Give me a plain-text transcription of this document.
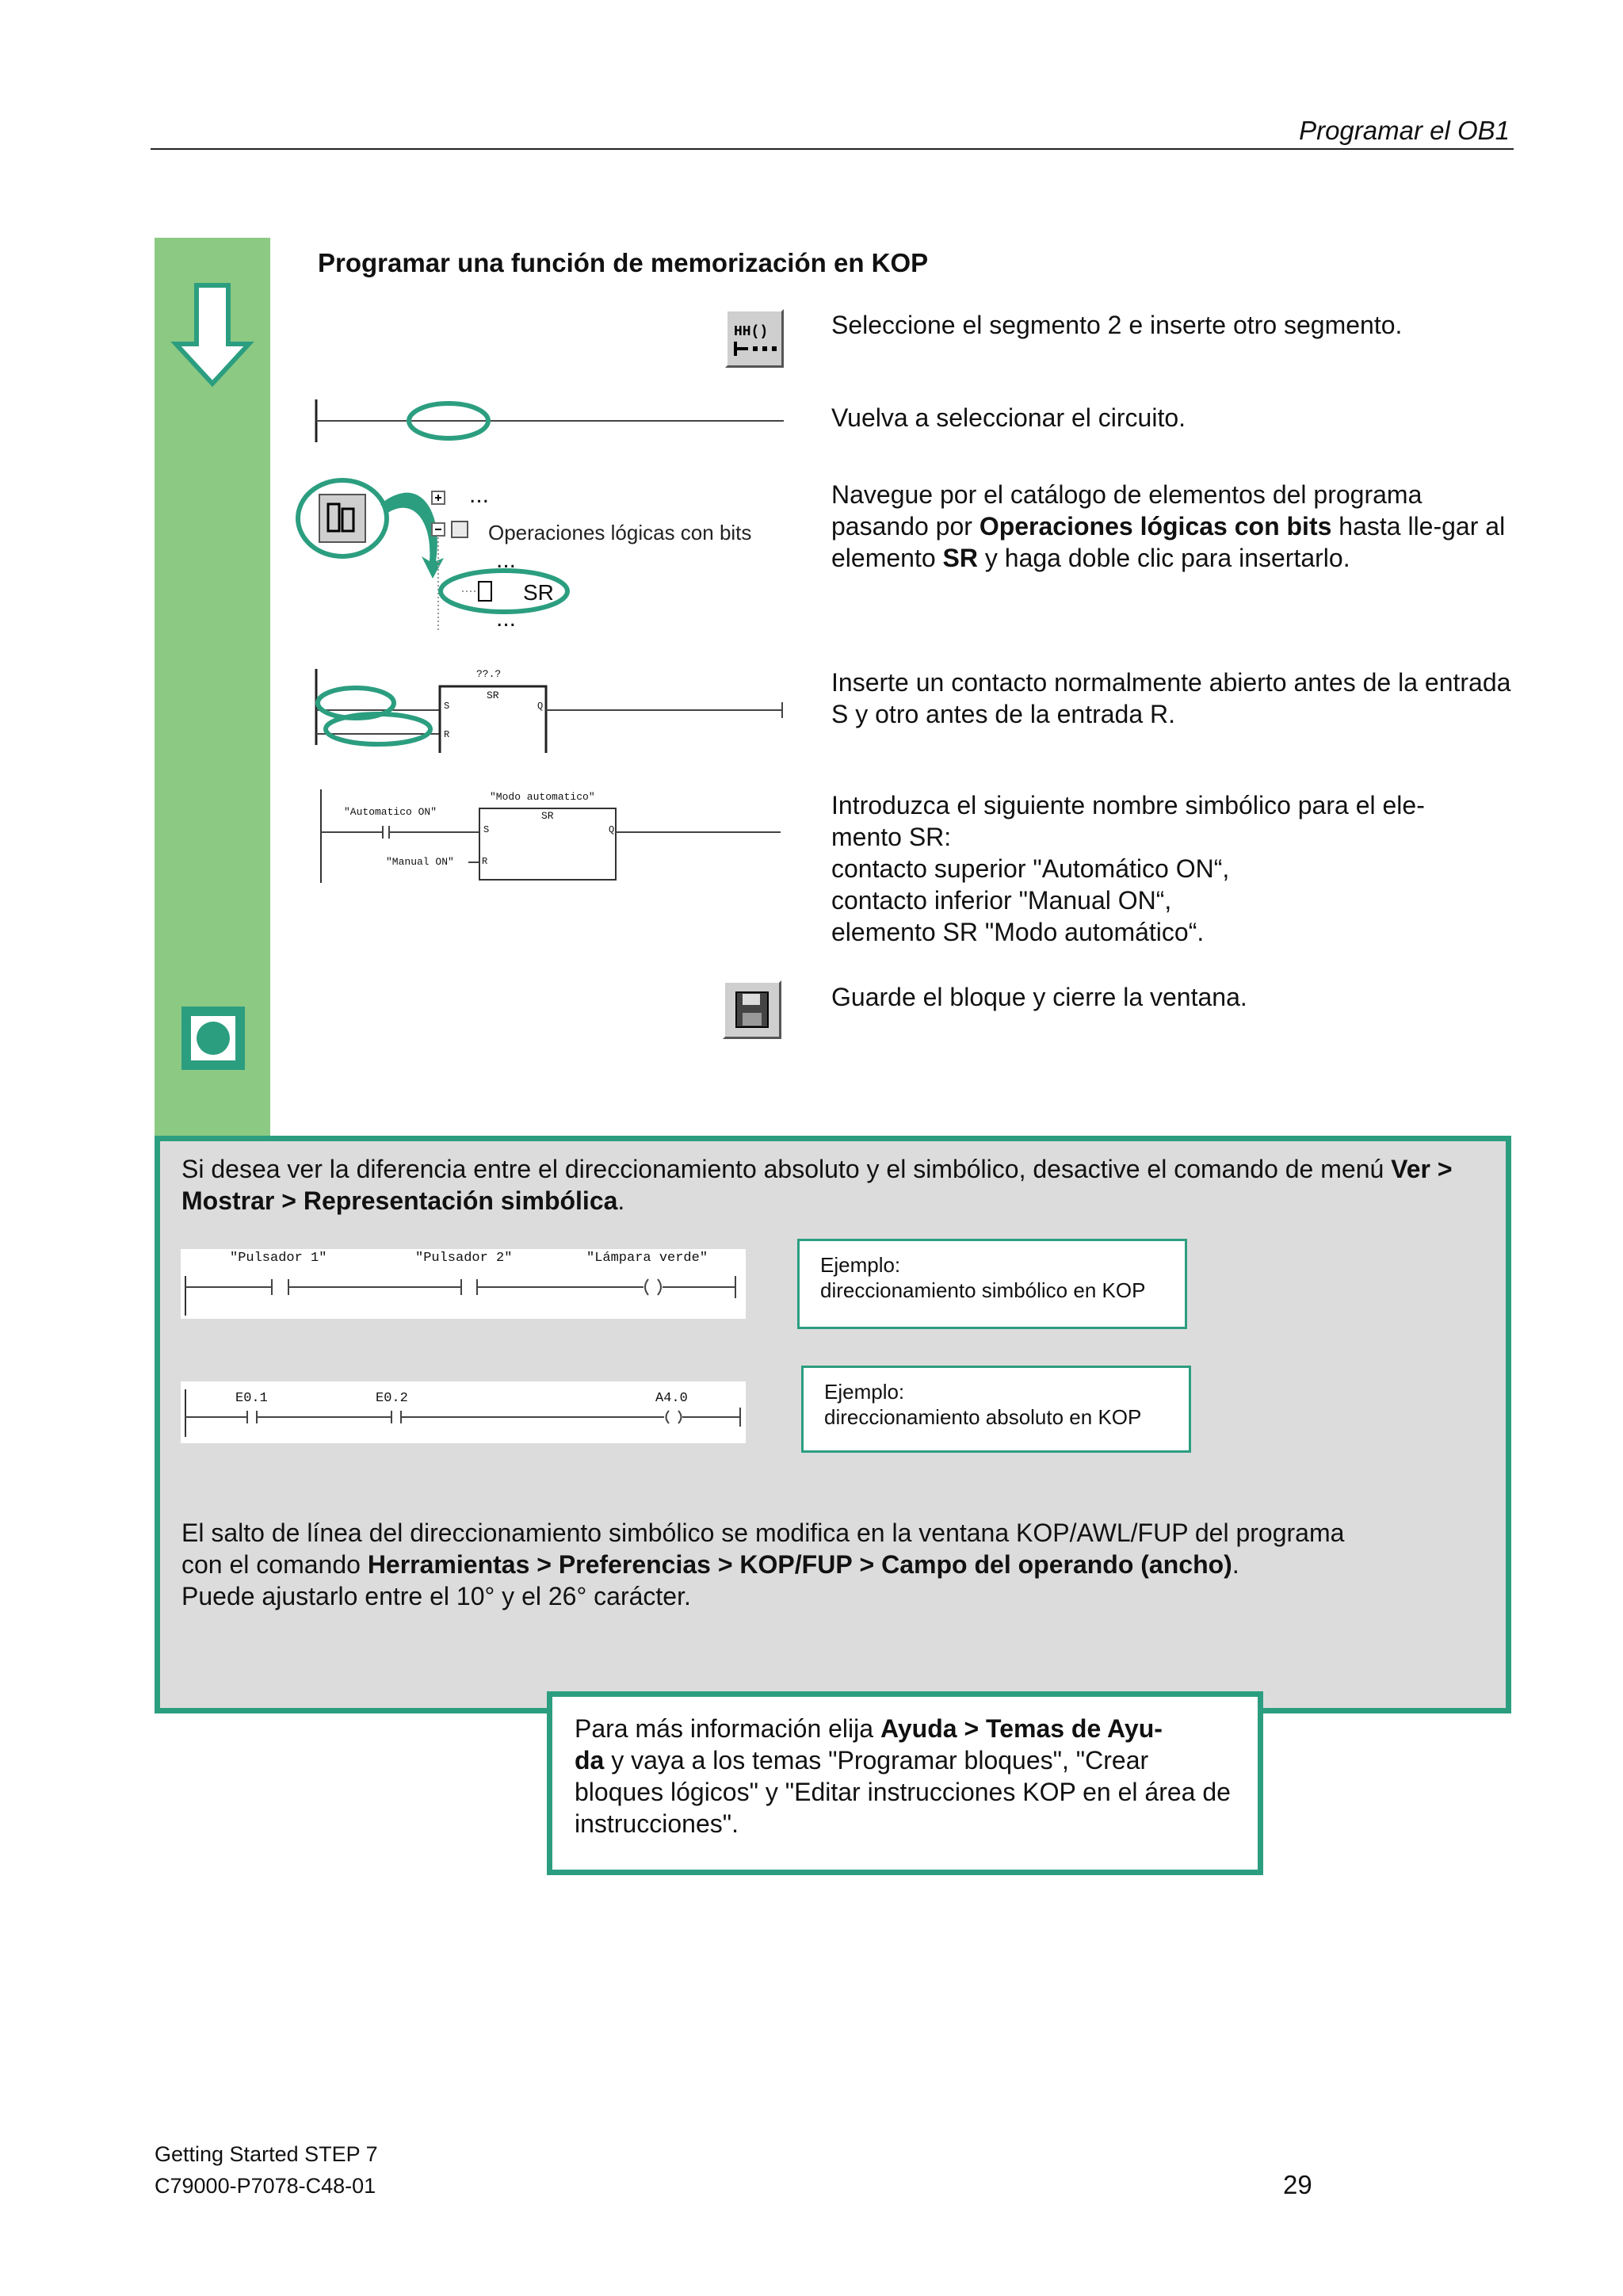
Programar el OB1
Programar una función de memorización en KOP
HH() Seleccione el segmento 2 e inserte otro segmento.
Vuelva a seleccionar el circuito.
...
Operaciones lógicas con bits
...
SR
...
Navegue por el catálogo de elementos del programa pasando por Operaciones lógicas con bits hasta lle-gar al elemento SR y haga doble clic para insertarlo.
??.?
SR
S	Q
R
Inserte un contacto normalmente abierto antes de la entrada S y otro antes de la entrada R.
"Modo automatico"
SR
"Automatico ON"
"Manual ON"
S	Q
R
Introduzca el siguiente nombre simbólico para el ele-
mento SR:
contacto superior "Automático ON“,
contacto inferior "Manual ON“,
elemento SR "Modo automático“.
Guarde el bloque y cierre la ventana.
Si desea ver la diferencia entre el direccionamiento absoluto y el simbólico, desactive el comando de menú Ver > Mostrar > Representación simbólica.
"Pulsador 1"	"Pulsador 2"	"Lámpara verde"	Ejemplo:
direccionamiento simbólico en KOP
E0.1	E0.2	A4.0	Ejemplo:
direccionamiento absoluto en KOP
El salto de línea del direccionamiento simbólico se modifica en la ventana KOP/AWL/FUP del programa
con el comando Herramientas > Preferencias > KOP/FUP > Campo del operando (ancho).
Puede ajustarlo entre el 10° y el 26° carácter.
Para más información elija Ayuda > Temas de Ayu-
da y vaya a los temas "Programar bloques", "Crear bloques lógicos" y "Editar instrucciones KOP en el área de instrucciones".
Getting Started STEP 7
C79000-P7078-C48-01	29
